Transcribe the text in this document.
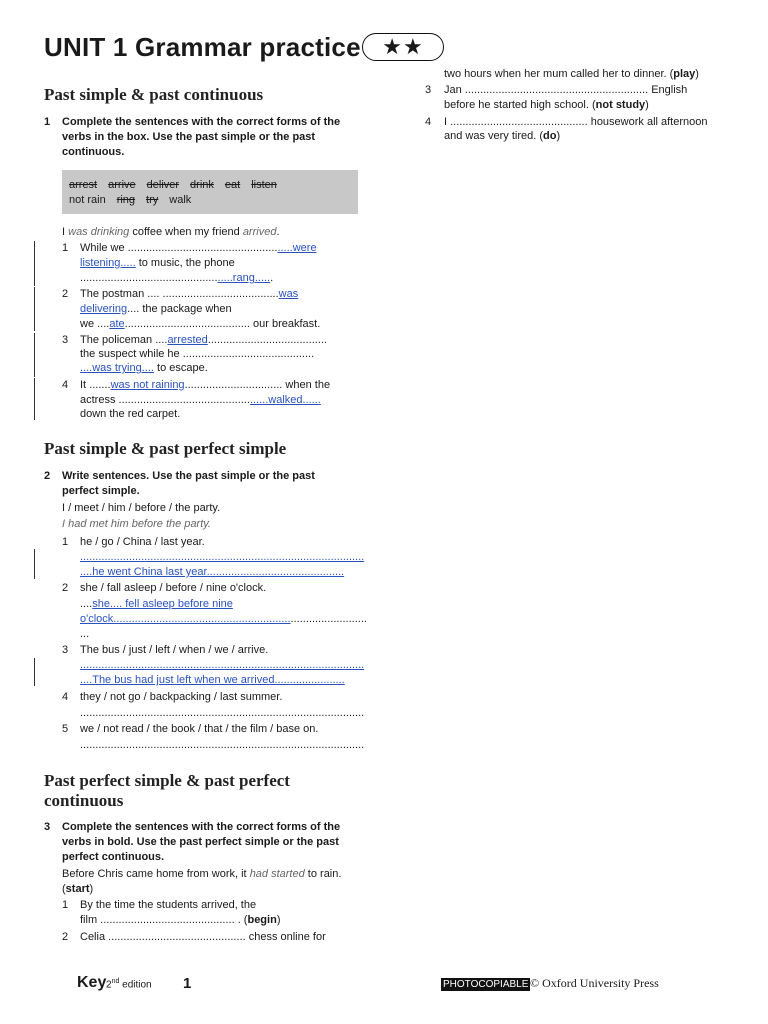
UNIT 1 Grammar practice ★★
Past simple & past continuous
1 Complete the sentences with the correct forms of the
verbs in the box. Use the past simple or the past
continuous.
arrest arrive deliver drink eat listen
not rain ring try walk
I was drinking coffee when my friend arrived.
1 While we ......................................................were
listening..... to music, the phone
..................................................rang......
2 The postman .... ......................................was
delivering.... the package when
we ....ate......................................... our breakfast.
3 The policeman ....arrested.......................................
the suspect while he ...........................................
....was trying.... to escape.
4 It .......was not raining................................ when the
actress .................................................walked......
down the red carpet.
Past simple & past perfect simple
2 Write sentences. Use the past simple or the past
perfect simple.
I / meet / him / before / the party.
I had met him before the party.
1 he / go / China / last year.
.............................................................................................
....he went China last year.............................................
2 she / fall asleep / before / nine o'clock.
....she.... fell asleep before nine
o'clock...................................................................................
...
3 The bus / just / left / when / we / arrive.
.............................................................................................
....The bus had just left when we arrived.......................
4 they / not go / backpacking / last summer.
.............................................................................................
5 we / not read / the book / that / the film / base on.
.............................................................................................
Past perfect simple & past perfect
continuous
3 Complete the sentences with the correct forms of the
verbs in bold. Use the past perfect simple or the past
perfect continuous.
Before Chris came home from work, it had started to rain.
(start)
1 By the time the students arrived, the
film ............................................ . (begin)
2 Celia ............................................. chess online for
two hours when her mum called her to dinner. (play)
3 Jan ............................................................ English
before he started high school. (not study)
4 I ............................................. housework all afternoon
and was very tired. (do)
Key 2nd edition 1	PHOTOCOPIABLE © Oxford University Press
